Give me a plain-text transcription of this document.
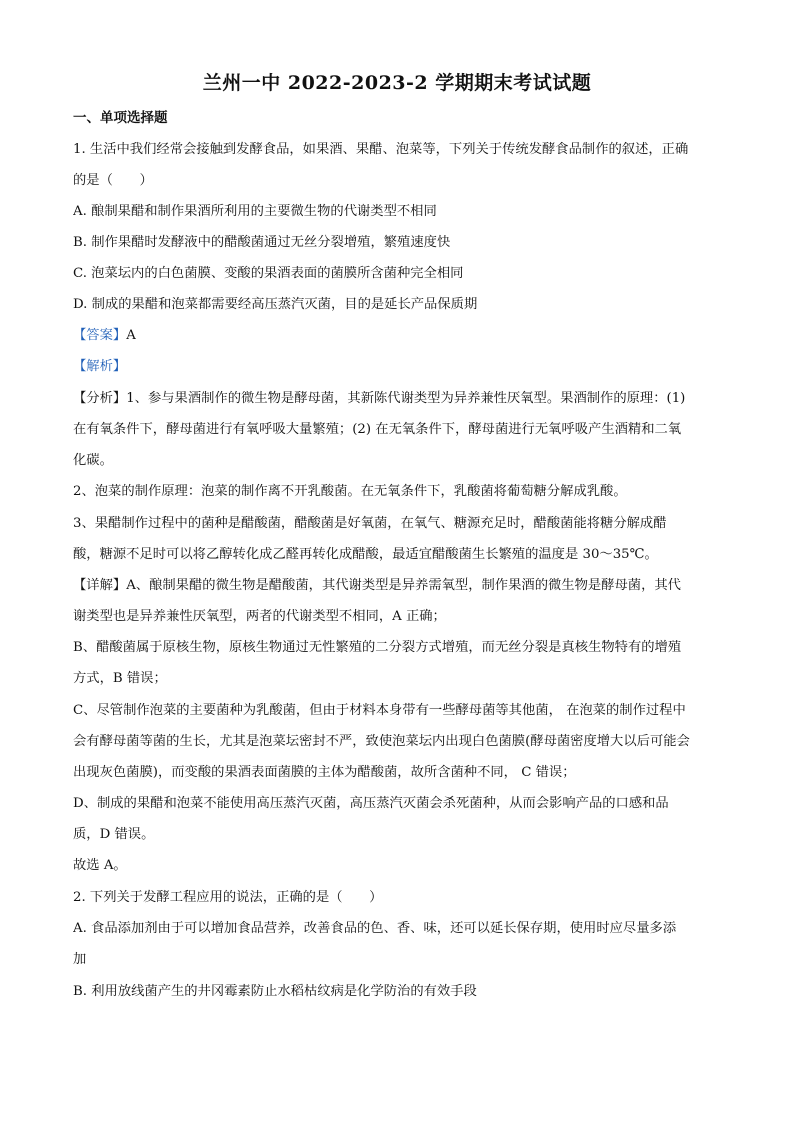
兰州一中 2022-2023-2 学期期末考试试题
一、单项选择题
1. 生活中我们经常会接触到发酵食品，如果酒、果醋、泡菜等，下列关于传统发酵食品制作的叙述，正确
的是（　　）
A. 酿制果醋和制作果酒所利用的主要微生物的代谢类型不相同
B. 制作果醋时发酵液中的醋酸菌通过无丝分裂增殖，繁殖速度快
C. 泡菜坛内的白色菌膜、变酸的果酒表面的菌膜所含菌种完全相同
D. 制成的果醋和泡菜都需要经高压蒸汽灭菌，目的是延长产品保质期
【答案】A
【解析】
【分析】1、参与果酒制作的微生物是酵母菌，其新陈代谢类型为异养兼性厌氧型。果酒制作的原理：(1)
在有氧条件下，酵母菌进行有氧呼吸大量繁殖；(2) 在无氧条件下，酵母菌进行无氧呼吸产生酒精和二氧
化碳。
2、泡菜的制作原理：泡菜的制作离不开乳酸菌。在无氧条件下，乳酸菌将葡萄糖分解成乳酸。
3、果醋制作过程中的菌种是醋酸菌，醋酸菌是好氧菌，在氧气、糖源充足时，醋酸菌能将糖分解成醋
酸，糖源不足时可以将乙醇转化成乙醛再转化成醋酸，最适宜醋酸菌生长繁殖的温度是 30～35℃。
【详解】A、酿制果醋的微生物是醋酸菌，其代谢类型是异养需氧型，制作果酒的微生物是酵母菌，其代
谢类型也是异养兼性厌氧型，两者的代谢类型不相同，A 正确；
B、醋酸菌属于原核生物，原核生物通过无性繁殖的二分裂方式增殖，而无丝分裂是真核生物特有的增殖
方式，B 错误；
C、尽管制作泡菜的主要菌种为乳酸菌，但由于材料本身带有一些酵母菌等其他菌， 在泡菜的制作过程中
会有酵母菌等菌的生长，尤其是泡菜坛密封不严，致使泡菜坛内出现白色菌膜(酵母菌密度增大以后可能会
出现灰色菌膜)，而变酸的果酒表面菌膜的主体为醋酸菌，故所含菌种不同， C 错误；
D、制成的果醋和泡菜不能使用高压蒸汽灭菌，高压蒸汽灭菌会杀死菌种，从而会影响产品的口感和品
质，D 错误。
故选 A。
2. 下列关于发酵工程应用的说法，正确的是（　　）
A. 食品添加剂由于可以增加食品营养，改善食品的色、香、味，还可以延长保存期，使用时应尽量多添
加
B. 利用放线菌产生的井冈霉素防止水稻枯纹病是化学防治的有效手段
